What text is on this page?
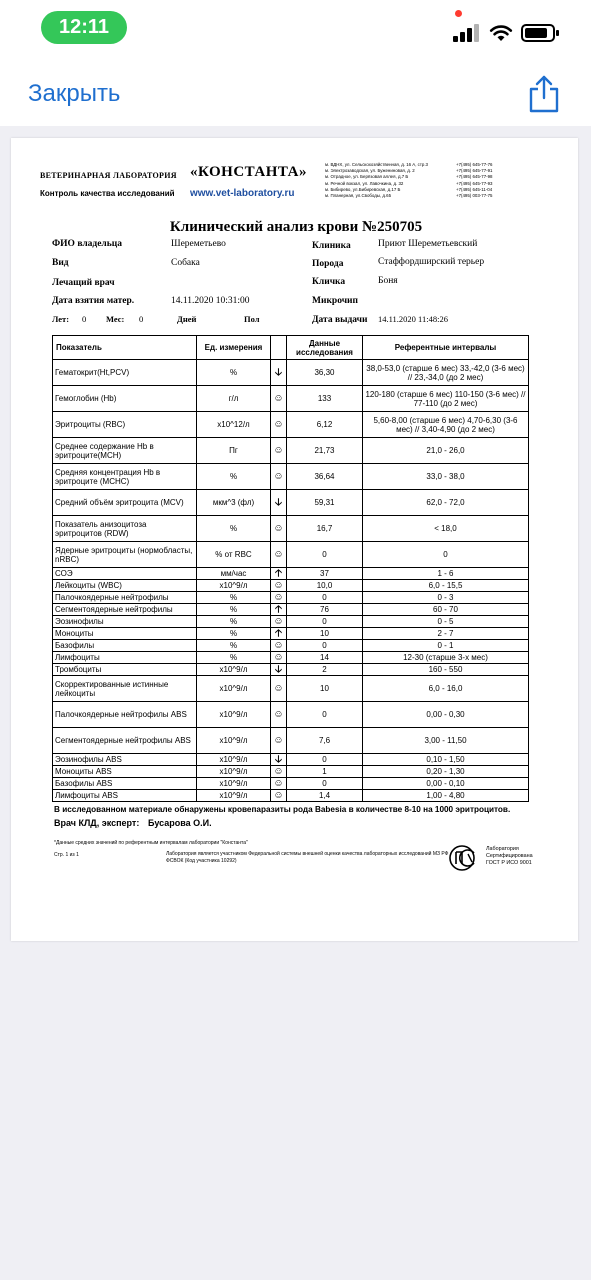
12:11
Закрыть
ВЕТЕРИНАРНАЯ ЛАБОРАТОРИЯ
Контроль качества исследований
«КОНСТАНТА»
www.vet-laboratory.ru
м. ВДНХ, ул. Сельскохозяйственная, д. 16 А, стр.3
м. Электрозаводская, ул. Бужениновая, д. 2
м. Отрадное, ул. Берёзовая аллея, д.7 Б
м. Речной вокзал, ул. Лавочкина, д. 32
м. Бибирево, ул.Бибиревская, д.17 Б
м. Планерная, ул.Свободы, д.65
+7(495) 645-77-76
+7(495) 645-77-91
+7(495) 645-77-98
+7(495) 645-77-93
+7(495) 645-11-04
+7(495) 003-77-75
Клинический анализ крови №250705
ФИО владельца	Шереметьево
Вид	Собака
Лечащий врач
Дата взятия матер.	14.11.2020 10:31:00
Лет: 0 Мес: 0	Дней	Пол
Клиника	Приют Шереметьевский
Порода	Стаффордширский терьер
Кличка	Боня
Микрочип
Дата выдачи 14.11.2020 11:48:26
Показатель	Ед. измерения		Данные исследования	Референтные интервалы
Гематокрит(Ht,PCV)	%	🡣	36,30	38,0-53,0 (старше 6 мес) 33,-42,0 (3-6 мес) // 23,-34,0 (до 2 мес)
Гемоглобин (Hb)	г/л	☺	133	120-180 (старше 6 мес) 110-150 (3-6 мес) // 77-110 (до 2 мес)
Эритроциты (RBC)	x10^12/л	☺	6,12	5,60-8,00 (старше 6 мес) 4,70-6,30 (3-6 мес) // 3,40-4,90 (до 2 мес)
Среднее содержание Hb в эритроците(MCH)	Пг	☺	21,73	21,0 - 26,0
Средняя концентрация Hb в эритроците (MCHC)	%	☺	36,64	33,0 - 38,0
Средний объём эритроцита (MCV)	мкм^3 (фл)	🡣	59,31	62,0 - 72,0
Показатель анизоцитоза эритроцитов (RDW)	%	☺	16,7	< 18,0
Ядерные эритроциты (нормобласты, nRBC)	% от RBC	☺	0	0
СОЭ	мм/час	🡡	37	1 - 6
Лейкоциты (WBC)	x10^9/л	☺	10,0	6,0 - 15,5
Палочкоядерные нейтрофилы	%	☺	0	0 - 3
Сегментоядерные нейтрофилы	%	🡡	76	60 - 70
Эозинофилы	%	☺	0	0 - 5
Моноциты	%	🡡	10	2 - 7
Базофилы	%	☺	0	0 - 1
Лимфоциты	%	☺	14	12-30 (старше 3-х мес)
Тромбоциты	x10^9/л	🡣	2	160 - 550
Скорректированные истинные лейкоциты	x10^9/л	☺	10	6,0 - 16,0
Палочкоядерные нейтрофилы ABS	x10^9/л	☺	0	0,00 - 0,30
Сегментоядерные нейтрофилы ABS	x10^9/л	☺	7,6	3,00 - 11,50
Эозинофилы ABS	x10^9/л	🡣	0	0,10 - 1,50
Моноциты ABS	x10^9/л	☺	1	0,20 - 1,30
Базофилы ABS	x10^9/л	☺	0	0,00 - 0,10
Лимфоциты ABS	x10^9/л	☺	1,4	1,00 - 4,80
В исследованном материале обнаружены кровепаразиты рода Babesia в количестве 8-10 на 1000 эритроцитов.
Врач КЛД, эксперт: Бусарова О.И.
*Данные средних значений по референтным интервалам лаборатории "Константа"
Стр. 1 из 1	Лаборатория является участником Федеральной системы внешней оценки качества лабораторных исследований МЗ РФ ФСВОК (Код участника 10292)
Лаборатория
Сертифицирована
ГОСТ Р ИСО 9001
